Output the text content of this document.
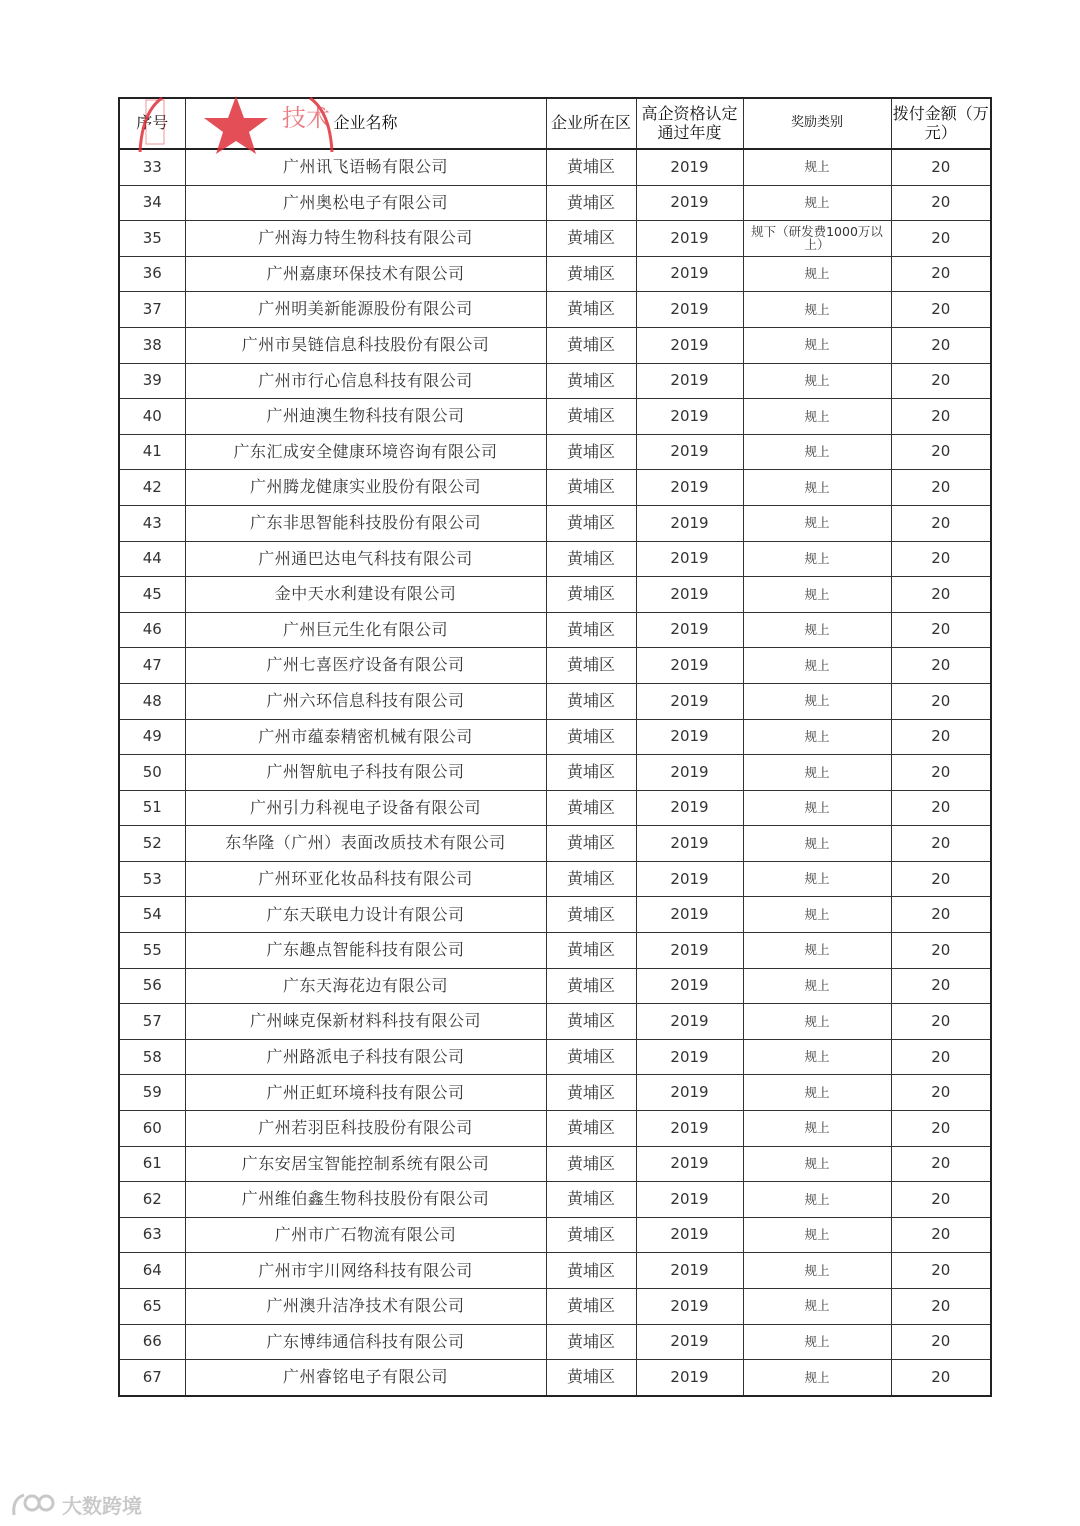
序号	企业名称	企业所在区	高企资格认定通过年度	奖励类别	拨付金额（万元）
33	广州讯飞语畅有限公司	黄埔区	2019	规上	20
34	广州奥松电子有限公司	黄埔区	2019	规上	20
35	广州海力特生物科技有限公司	黄埔区	2019	规下（研发费1000万以上）	20
36	广州嘉康环保技术有限公司	黄埔区	2019	规上	20
37	广州明美新能源股份有限公司	黄埔区	2019	规上	20
38	广州市昊链信息科技股份有限公司	黄埔区	2019	规上	20
39	广州市行心信息科技有限公司	黄埔区	2019	规上	20
40	广州迪澳生物科技有限公司	黄埔区	2019	规上	20
41	广东汇成安全健康环境咨询有限公司	黄埔区	2019	规上	20
42	广州腾龙健康实业股份有限公司	黄埔区	2019	规上	20
43	广东非思智能科技股份有限公司	黄埔区	2019	规上	20
44	广州通巴达电气科技有限公司	黄埔区	2019	规上	20
45	金中天水利建设有限公司	黄埔区	2019	规上	20
46	广州巨元生化有限公司	黄埔区	2019	规上	20
47	广州七喜医疗设备有限公司	黄埔区	2019	规上	20
48	广州六环信息科技有限公司	黄埔区	2019	规上	20
49	广州市蕴泰精密机械有限公司	黄埔区	2019	规上	20
50	广州智航电子科技有限公司	黄埔区	2019	规上	20
51	广州引力科视电子设备有限公司	黄埔区	2019	规上	20
52	东华隆（广州）表面改质技术有限公司	黄埔区	2019	规上	20
53	广州环亚化妆品科技有限公司	黄埔区	2019	规上	20
54	广东天联电力设计有限公司	黄埔区	2019	规上	20
55	广东趣点智能科技有限公司	黄埔区	2019	规上	20
56	广东天海花边有限公司	黄埔区	2019	规上	20
57	广州崃克保新材料科技有限公司	黄埔区	2019	规上	20
58	广州路派电子科技有限公司	黄埔区	2019	规上	20
59	广州正虹环境科技有限公司	黄埔区	2019	规上	20
60	广州若羽臣科技股份有限公司	黄埔区	2019	规上	20
61	广东安居宝智能控制系统有限公司	黄埔区	2019	规上	20
62	广州维伯鑫生物科技股份有限公司	黄埔区	2019	规上	20
63	广州市广石物流有限公司	黄埔区	2019	规上	20
64	广州市宇川网络科技有限公司	黄埔区	2019	规上	20
65	广州澳升洁净技术有限公司	黄埔区	2019	规上	20
66	广东博纬通信科技有限公司	黄埔区	2019	规上	20
67	广州睿铭电子有限公司	黄埔区	2019	规上	20
技术
大数跨境
